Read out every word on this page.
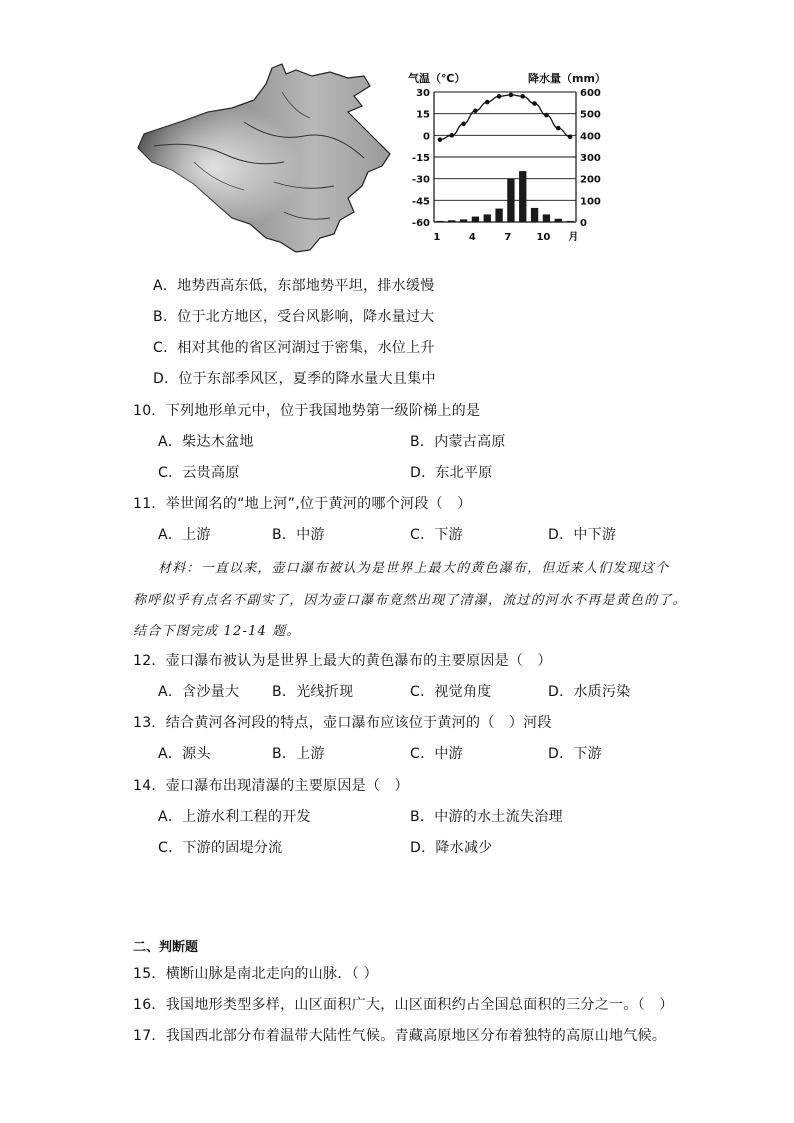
气温（℃）	降水量（mm）
30
15
0
-15
-30
-45
-60
600
500
400
300
200
100
0
1	4	7	10 月
A．地势西高东低，东部地势平坦，排水缓慢
B．位于北方地区，受台风影响，降水量过大
C．相对其他的省区河湖过于密集，水位上升
D．位于东部季风区，夏季的降水量大且集中
10．下列地形单元中，位于我国地势第一级阶梯上的是
A．柴达木盆地	B．内蒙古高原
C．云贵高原	D．东北平原
11．举世闻名的“地上河”,位于黄河的哪个河段（　）
A．上游	B．中游	C．下游	D．中下游
材料：一直以来，壶口瀑布被认为是世界上最大的黄色瀑布，但近来人们发现这个
称呼似乎有点名不副实了，因为壶口瀑布竟然出现了清瀑，流过的河水不再是黄色的了。
结合下图完成 12-14 题。
12．壶口瀑布被认为是世界上最大的黄色瀑布的主要原因是（　）
A．含沙量大 B．光线折现	C．视觉角度	D．水质污染
13．结合黄河各河段的特点，壶口瀑布应该位于黄河的（　）河段
A．源头	B．上游	C．中游	D．下游
14．壶口瀑布出现清瀑的主要原因是（　）
A．上游水利工程的开发	B．中游的水土流失治理
C．下游的固堤分流	D．降水减少
二、判断题
15．横断山脉是南北走向的山脉．（ ）
16．我国地形类型多样，山区面积广大，山区面积约占全国总面积的三分之一。（　）
17．我国西北部分布着温带大陆性气候。青藏高原地区分布着独特的高原山地气候。
